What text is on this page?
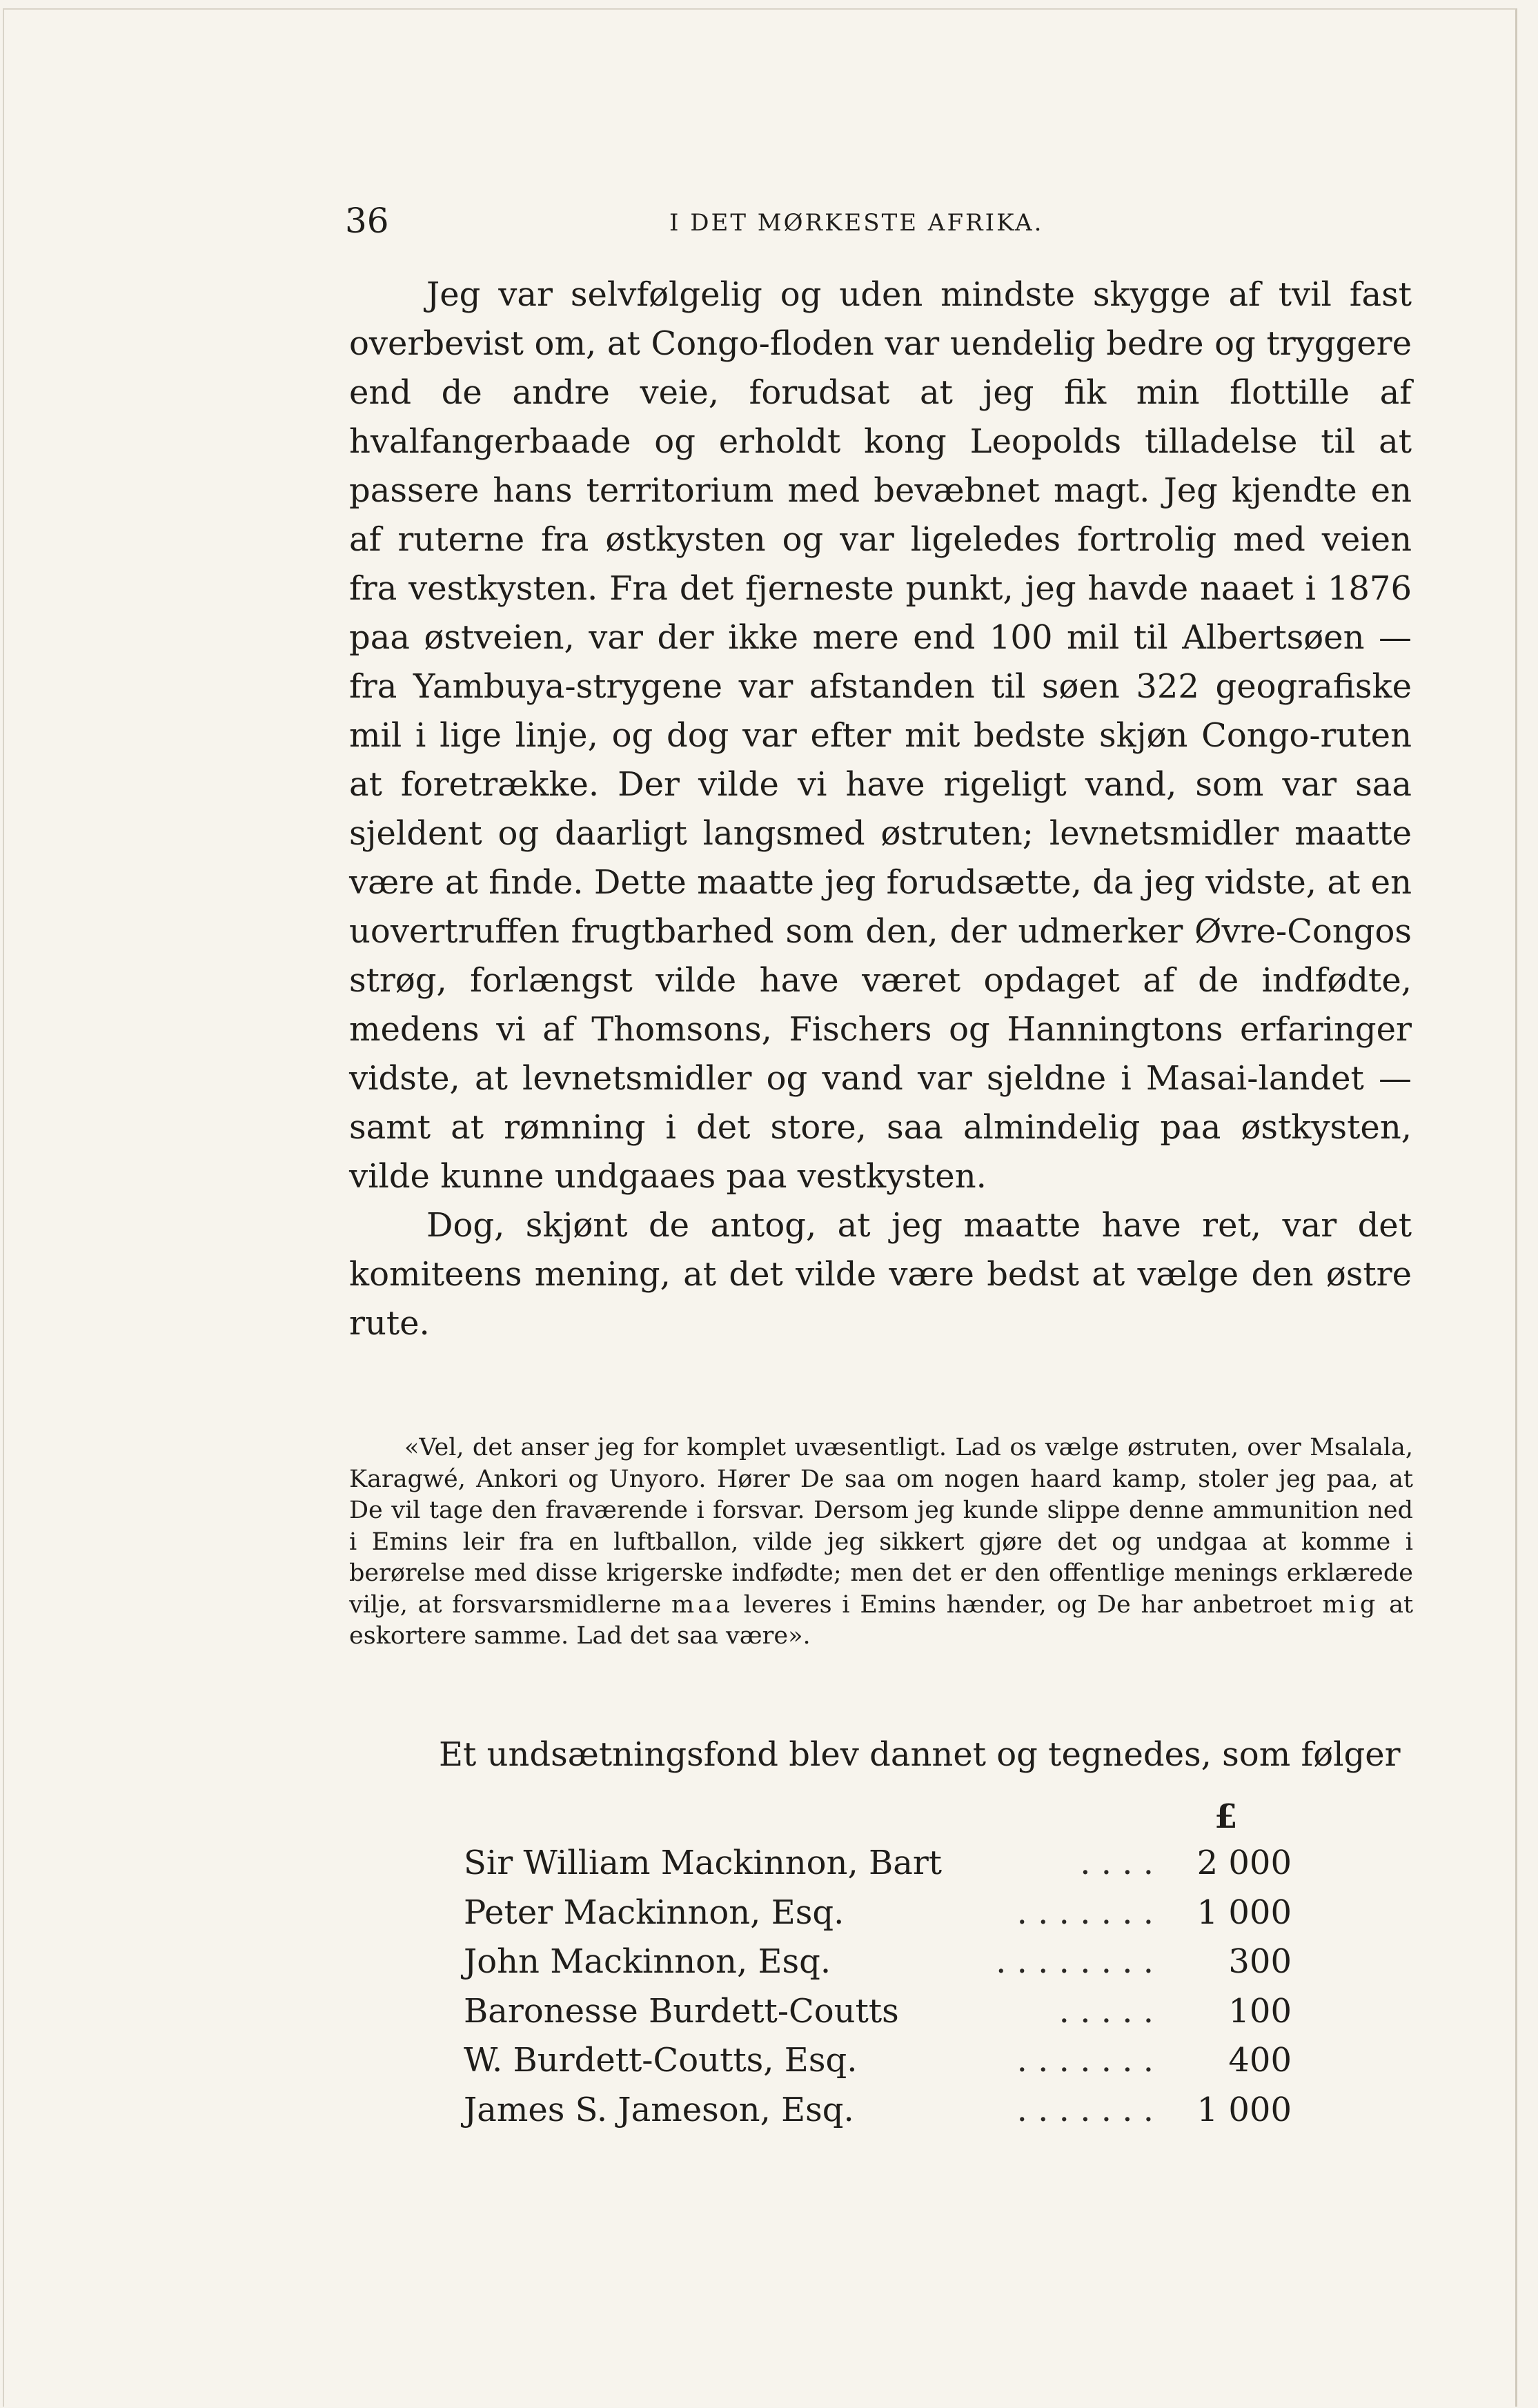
36	I DET MØRKESTE AFRIKA.

Jeg var selvfølgelig og uden mindste skygge af tvil fast overbevist om, at Congo-floden var uendelig bedre og tryggere end de andre veie, forudsat at jeg fik min flottille af hvalfangerbaade og erholdt kong Leopolds tilladelse til at passere hans territorium med bevæbnet magt. Jeg kjendte en af ruterne fra østkysten og var ligeledes fortrolig med veien fra vestkysten. Fra det fjerneste punkt, jeg havde naaet i 1876 paa østveien, var der ikke mere end 100 mil til Albertsøen — fra Yambuya-strygene var afstanden til søen 322 geografiske mil i lige linje, og dog var efter mit bedste skjøn Congo-ruten at foretrække. Der vilde vi have rigeligt vand, som var saa sjeldent og daarligt langsmed østruten; levnetsmidler maatte være at finde. Dette maatte jeg forudsætte, da jeg vidste, at en uovertruffen frugtbarhed som den, der udmerker Øvre-Congos strøg, forlængst vilde have været opdaget af de indfødte, medens vi af Thomsons, Fischers og Hanningtons erfaringer vidste, at levnetsmidler og vand var sjeldne i Masai-landet — samt at rømning i det store, saa almindelig paa østkysten, vilde kunne undgaaes paa vestkysten.

Dog, skjønt de antog, at jeg maatte have ret, var det komiteens mening, at det vilde være bedst at vælge den østre rute.

«Vel, det anser jeg for komplet uvæsentligt. Lad os vælge østruten, over Msalala, Karagwé, Ankori og Unyoro. Hører De saa om nogen haard kamp, stoler jeg paa, at De vil tage den fraværende i forsvar. Dersom jeg kunde slippe denne ammunition ned i Emins leir fra en luftballon, vilde jeg sikkert gjøre det og undgaa at komme i berørelse med disse krigerske indfødte; men det er den offentlige menings erklærede vilje, at forsvarsmidlerne maa leveres i Emins hænder, og De har anbetroet mig at eskortere samme. Lad det saa være».

Et undsætningsfond blev dannet og tegnedes, som følger
£
Sir William Mackinnon, Bart	. . . .	2 000
Peter Mackinnon, Esq.	. . . . . . .	1 000
John Mackinnon, Esq.	. . . . . . . .	300
Baronesse Burdett-Coutts	. . . . .	100
W. Burdett-Coutts, Esq.	. . . . . . .	400
James S. Jameson, Esq.	. . . . . . .	1 000
